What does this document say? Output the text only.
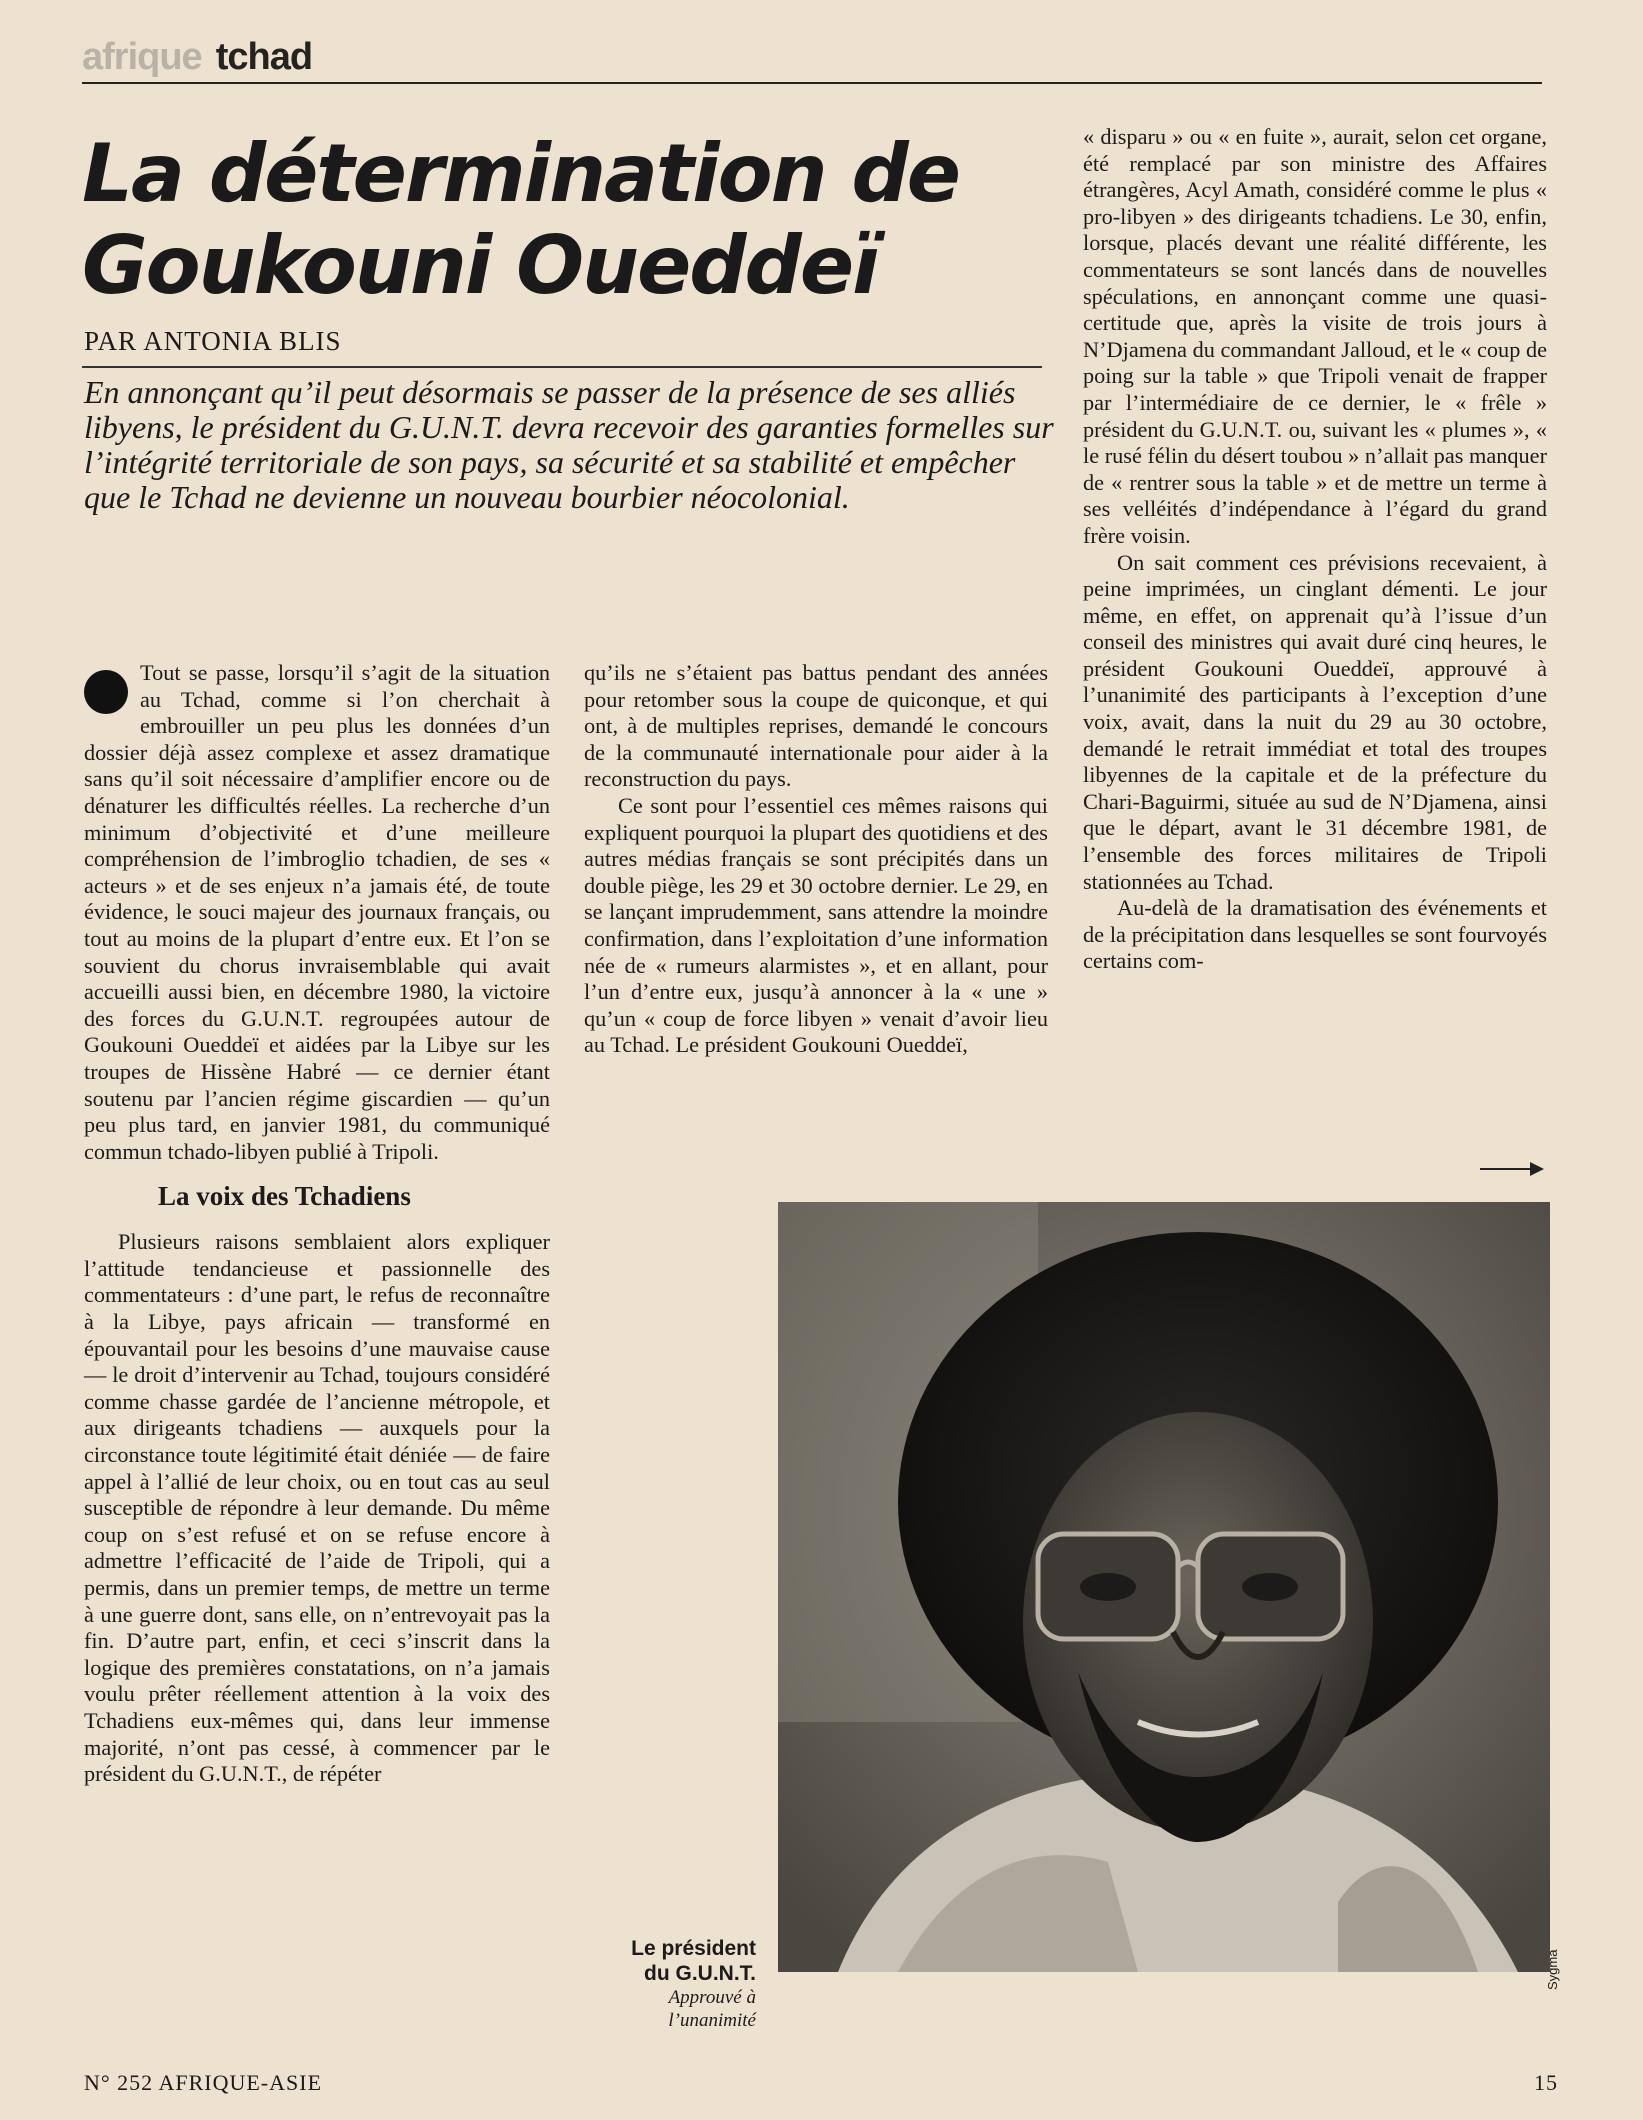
afrique tchad
La détermination de
Goukouni Oueddeï
PAR ANTONIA BLIS

En annonçant qu’il peut désormais se passer de la présence de ses alliés libyens, le président du G.U.N.T. devra recevoir des garanties formelles sur l’intégrité territoriale de son pays, sa sécurité et sa stabilité et empêcher que le Tchad ne devienne un nouveau bourbier néocolonial.

Tout se passe, lorsqu’il s’agit de la situation au Tchad, comme si l’on cherchait à embrouiller un peu plus les données d’un dossier déjà assez complexe et assez dramatique sans qu’il soit nécessaire d’amplifier encore ou de dénaturer les difficultés réelles. La recherche d’un minimum d’objectivité et d’une meilleure compréhension de l’imbroglio tchadien, de ses « acteurs » et de ses enjeux n’a jamais été, de toute évidence, le souci majeur des journaux français, ou tout au moins de la plupart d’entre eux. Et l’on se souvient du chorus invraisemblable qui avait accueilli aussi bien, en décembre 1980, la victoire des forces du G.U.N.T. regroupées autour de Goukouni Oueddeï et aidées par la Libye sur les troupes de Hissène Habré — ce dernier étant soutenu par l’ancien régime giscardien — qu’un peu plus tard, en janvier 1981, du communiqué commun tchado-libyen publié à Tripoli.

La voix des Tchadiens

Plusieurs raisons semblaient alors expliquer l’attitude tendancieuse et passionnelle des commentateurs : d’une part, le refus de reconnaître à la Libye, pays africain — transformé en épouvantail pour les besoins d’une mauvaise cause — le droit d’intervenir au Tchad, toujours considéré comme chasse gardée de l’ancienne métropole, et aux dirigeants tchadiens — auxquels pour la circonstance toute légitimité était déniée — de faire appel à l’allié de leur choix, ou en tout cas au seul susceptible de répondre à leur demande. Du même coup on s’est refusé et on se refuse encore à admettre l’efficacité de l’aide de Tripoli, qui a permis, dans un premier temps, de mettre un terme à une guerre dont, sans elle, on n’entrevoyait pas la fin. D’autre part, enfin, et ceci s’inscrit dans la logique des premières constatations, on n’a jamais voulu prêter réellement attention à la voix des Tchadiens eux-mêmes qui, dans leur immense majorité, n’ont pas cessé, à commencer par le président du G.U.N.T., de répéter

qu’ils ne s’étaient pas battus pendant des années pour retomber sous la coupe de quiconque, et qui ont, à de multiples reprises, demandé le concours de la communauté internationale pour aider à la reconstruction du pays.

Ce sont pour l’essentiel ces mêmes raisons qui expliquent pourquoi la plupart des quotidiens et des autres médias français se sont précipités dans un double piège, les 29 et 30 octobre dernier. Le 29, en se lançant imprudemment, sans attendre la moindre confirmation, dans l’exploitation d’une information née de « rumeurs alarmistes », et en allant, pour l’un d’entre eux, jusqu’à annoncer à la « une » qu’un « coup de force libyen » venait d’avoir lieu au Tchad. Le président Goukouni Oueddeï,

« disparu » ou « en fuite », aurait, selon cet organe, été remplacé par son ministre des Affaires étrangères, Acyl Amath, considéré comme le plus « pro-libyen » des dirigeants tchadiens. Le 30, enfin, lorsque, placés devant une réalité différente, les commentateurs se sont lancés dans de nouvelles spéculations, en annonçant comme une quasi-certitude que, après la visite de trois jours à N’Djamena du commandant Jalloud, et le « coup de poing sur la table » que Tripoli venait de frapper par l’intermédiaire de ce dernier, le « frêle » président du G.U.N.T. ou, suivant les « plumes », « le rusé félin du désert toubou » n’allait pas manquer de « rentrer sous la table » et de mettre un terme à ses velléités d’indépendance à l’égard du grand frère voisin.

On sait comment ces prévisions recevaient, à peine imprimées, un cinglant démenti. Le jour même, en effet, on apprenait qu’à l’issue d’un conseil des ministres qui avait duré cinq heures, le président Goukouni Oueddeï, approuvé à l’unanimité des participants à l’exception d’une voix, avait, dans la nuit du 29 au 30 octobre, demandé le retrait immédiat et total des troupes libyennes de la capitale et de la préfecture du Chari-Baguirmi, située au sud de N’Djamena, ainsi que le départ, avant le 31 décembre 1981, de l’ensemble des forces militaires de Tripoli stationnées au Tchad.

Au-delà de la dramatisation des événements et de la précipitation dans lesquelles se sont fourvoyés certains com-

Le président
du G.U.N.T.
Approuvé à
l’unanimité
Sygma
N° 252 AFRIQUE-ASIE	15
